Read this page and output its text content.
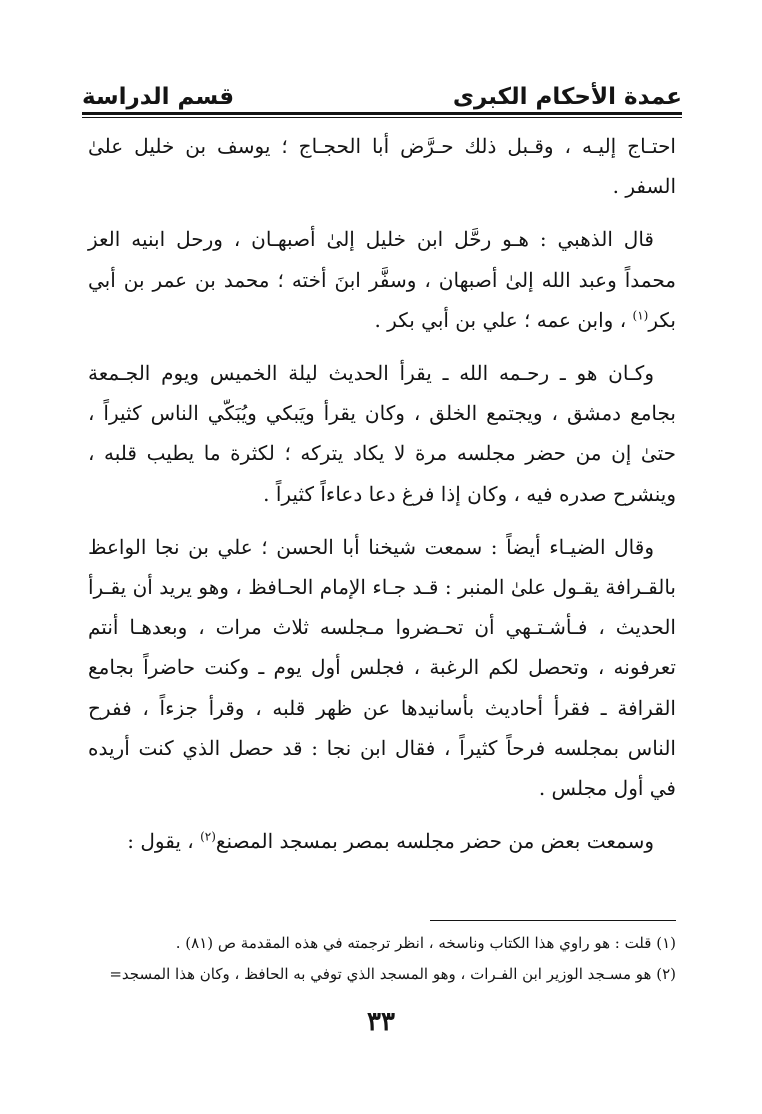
عمدة الأحكام الكبرى
قسم الدراسة

احتـاج إليـه ، وقـبل ذلك حـرَّض أبا الحجـاج ؛ يوسف بن خليل علىٰ السفر .

قال الذهبي : هـو رحَّل ابن خليل إلىٰ أصبهـان ، ورحل ابنيه العز محمداً وعبد الله إلىٰ أصبهان ، وسفَّر ابنَ أخته ؛ محمد بن عمر بن أبي بكر$^{(١)}$ ، وابن عمه ؛ علي بن أبي بكر .

وكـان هو ـ رحـمه الله ـ يقرأ الحديث ليلة الخميس ويوم الجـمعة بجامع دمشق ، ويجتمع الخلق ، وكان يقرأ ويَبكي ويُبَكّي الناس كثيراً ، حتىٰ إن من حضر مجلسه مرة لا يكاد يتركه ؛ لكثرة ما يطيب قلبه ، وينشرح صدره فيه ، وكان إذا فرغ دعا دعاءاً كثيراً .

وقال الضيـاء أيضاً : سمعت شيخنا أبا الحسن ؛ علي بن نجا الواعظ بالقـرافة يقـول علىٰ المنبر : قـد جـاء الإمام الحـافظ ، وهو يريد أن يقـرأ الحديث ، فـأشـتـهي أن تحـضروا مـجلسه ثلاث مرات ، وبعدهـا أنتم تعرفونه ، وتحصل لكم الرغبة ، فجلس أول يوم ـ وكنت حاضراً بجامع القرافة ـ فقرأ أحاديث بأسانيدها عن ظهر قلبه ، وقرأ جزءاً ، ففرح الناس بمجلسه فرحاً كثيراً ، فقال ابن نجا : قد حصل الذي كنت أريده في أول مجلس .

وسمعت بعض من حضر مجلسه بمصر بمسجد المصنع$^{(٢)}$ ، يقول :

(١) قلت : هو راوي هذا الكتاب وناسخه ، انظر ترجمته في هذه المقدمة ص (٨١) .

(٢) هو مسـجد الوزير ابن الفـرات ، وهو المسجد الذي توفي به الحافظ ، وكان هذا المسجد=

٣٣
